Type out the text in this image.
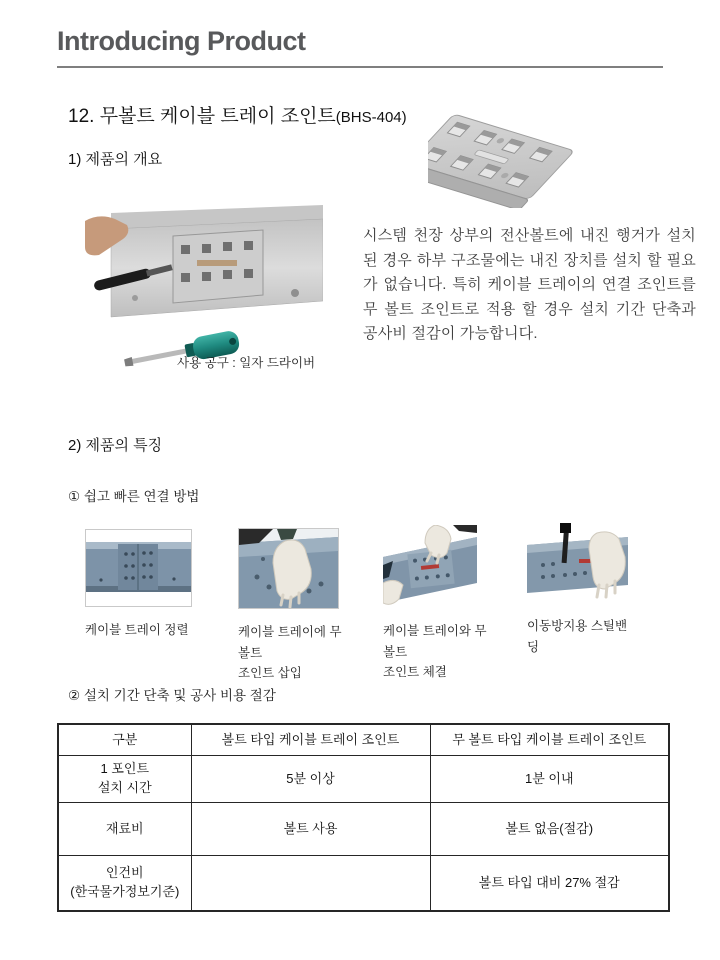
Introducing Product
12. 무볼트 케이블 트레이 조인트(BHS-404)
1) 제품의 개요
사용 공구 : 일자 드라이버
시스템 천장 상부의 전산볼트에 내진 행거가 설치된 경우 하부 구조물에는 내진 장치를 설치 할 필요가 없습니다. 특히 케이블 트레이의 연결 조인트를 무 볼트 조인트로 적용 할 경우 설치 기간 단축과 공사비 절감이 가능합니다.
2) 제품의 특징
① 쉽고 빠른 연결 방법
케이블 트레이 정렬	케이블 트레이에 무 볼트
조인트 삽입
케이블 트레이와 무 볼트
조인트 체결
이동방지용 스틸밴딩
② 설치 기간 단축 및 공사 비용 절감
구분	볼트 타입 케이블 트레이 조인트	무 볼트 타입 케이블 트레이 조인트

1 포인트
설치 시간	5분 이상	1분 이내

재료비	볼트 사용	볼트 없음(절감)

인건비
(한국물가정보기준)		볼트 타입 대비 27% 절감
